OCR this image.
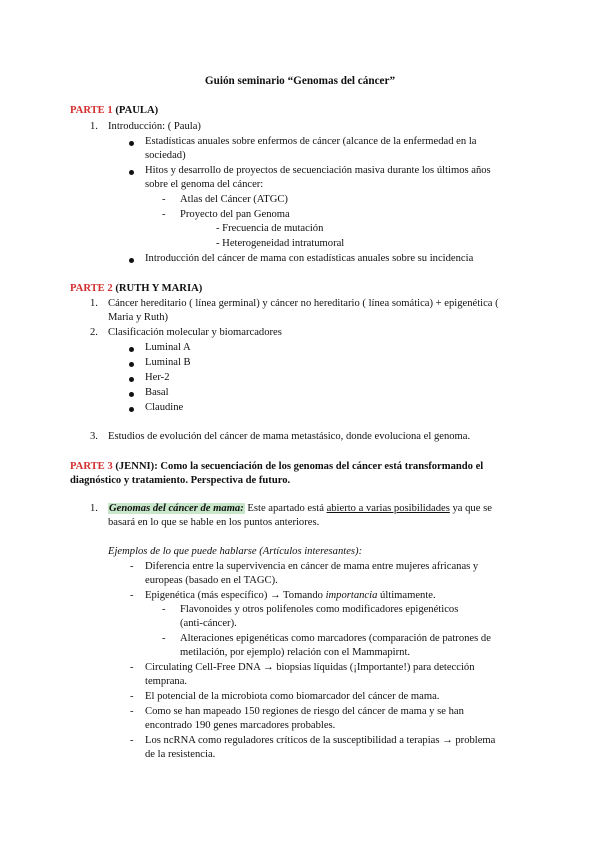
Guión seminario “Genomas del cáncer”
PARTE 1 (PAULA)
1. Introducción: ( Paula)
Estadísticas anuales sobre enfermos de cáncer (alcance de la enfermedad en la
sociedad)
Hitos y desarrollo de proyectos de secuenciación masiva durante los últimos años
sobre el genoma del cáncer:
- Atlas del Cáncer (ATGC)
- Proyecto del pan Genoma
- Frecuencia de mutación
- Heterogeneidad intratumoral
Introducción del cáncer de mama con estadísticas anuales sobre su incidencia
PARTE 2 (RUTH Y MARIA)
1. Cáncer hereditario ( línea germinal) y cáncer no hereditario ( línea somática) + epigenética (
Maria y Ruth)
2. Clasificación molecular y biomarcadores
Luminal A
Luminal B
Her-2
Basal
Claudine
3. Estudios de evolución del cáncer de mama metastásico, donde evoluciona el genoma.
PARTE 3 (JENNI): Como la secuenciación de los genomas del cáncer está transformando el
diagnóstico y tratamiento. Perspectiva de futuro.
1. Genomas del cáncer de mama: Este apartado está abierto a varias posibilidades ya que se
basará en lo que se hable en los puntos anteriores.
Ejemplos de lo que puede hablarse (Artículos interesantes):
- Diferencia entre la supervivencia en cáncer de mama entre mujeres africanas y
europeas (basado en el TAGC).
- Epigenética (más específico) → Tomando importancia últimamente.
- Flavonoides y otros polifenoles como modificadores epigenéticos
(anti-cáncer).
- Alteraciones epigenéticas como marcadores (comparación de patrones de
metilación, por ejemplo) relación con el Mammapirnt.
- Circulating Cell-Free DNA → biopsias líquidas (¡Importante!) para detección
temprana.
- El potencial de la microbiota como biomarcador del cáncer de mama.
- Como se han mapeado 150 regiones de riesgo del cáncer de mama y se han
encontrado 190 genes marcadores probables.
- Los ncRNA como reguladores críticos de la susceptibilidad a terapias → problema
de la resistencia.
